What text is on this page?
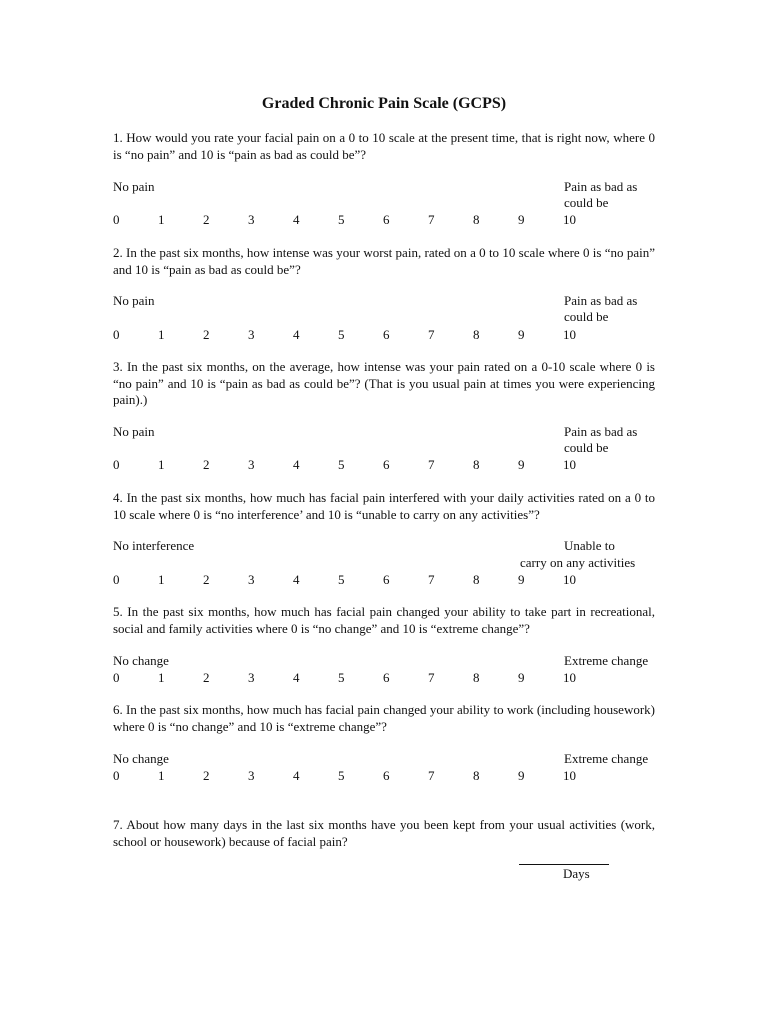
Graded Chronic Pain Scale (GCPS)
1. How would you rate your facial pain on a 0 to 10 scale at the present time, that is right now, where 0 is “no pain” and 10 is “pain as bad as could be”?
No pain	Pain as bad as
could be
0	1	2	3	4	5	6	7	8	9	10
2. In the past six months, how intense was your worst pain, rated on a 0 to 10 scale where 0 is “no pain” and 10 is “pain as bad as could be”?
No pain	Pain as bad as
could be
0	1	2	3	4	5	6	7	8	9	10
3. In the past six months, on the average, how intense was your pain rated on a 0-10 scale where 0 is “no pain” and 10 is “pain as bad as could be”? (That is you usual pain at times you were experiencing pain).)
No pain	Pain as bad as
could be
0	1	2	3	4	5	6	7	8	9	10
4. In the past six months, how much has facial pain interfered with your daily activities rated on a 0 to 10 scale where 0 is “no interference’ and 10 is “unable to carry on any activities”?
No interference	Unable to
carry on any activities
0	1	2	3	4	5	6	7	8	9	10
5. In the past six months, how much has facial pain changed your ability to take part in recreational, social and family activities where 0 is “no change” and 10 is “extreme change”?
No change	Extreme change
0	1	2	3	4	5	6	7	8	9	10
6. In the past six months, how much has facial pain changed your ability to work (including housework) where 0 is “no change” and 10 is “extreme change”?
No change	Extreme change
0	1	2	3	4	5	6	7	8	9	10
7. About how many days in the last six months have you been kept from your usual activities (work, school or housework) because of facial pain?
Days
